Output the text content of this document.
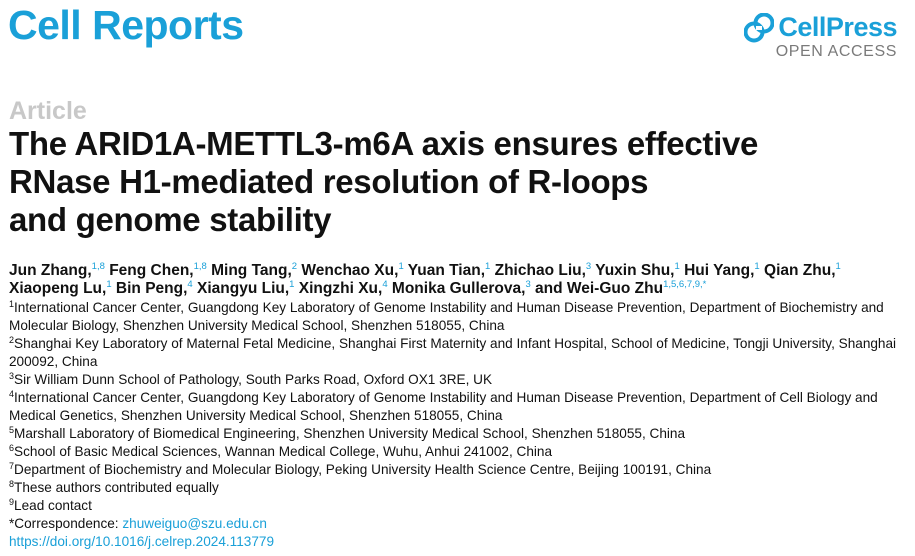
Cell Reports	CellPress
OPEN ACCESS
Article
The ARID1A-METTL3-m6A axis ensures effective
RNase H1-mediated resolution of R-loops
and genome stability
Jun Zhang,$^{1,8}$ Feng Chen,$^{1,8}$ Ming Tang,$^2$ Wenchao Xu,$^1$ Yuan Tian,$^1$ Zhichao Liu,$^3$ Yuxin Shu,$^1$ Hui Yang,$^1$ Qian Zhu,$^1$
Xiaopeng Lu,$^1$ Bin Peng,$^4$ Xiangyu Liu,$^1$ Xingzhi Xu,$^4$ Monika Gullerova,$^3$ and Wei-Guo Zhu$^{1,5,6,7,9,*}$
$^1$International Cancer Center, Guangdong Key Laboratory of Genome Instability and Human Disease Prevention, Department of Biochemistry and Molecular Biology, Shenzhen University Medical School, Shenzhen 518055, China
$^2$Shanghai Key Laboratory of Maternal Fetal Medicine, Shanghai First Maternity and Infant Hospital, School of Medicine, Tongji University, Shanghai 200092, China
$^3$Sir William Dunn School of Pathology, South Parks Road, Oxford OX1 3RE, UK
$^4$International Cancer Center, Guangdong Key Laboratory of Genome Instability and Human Disease Prevention, Department of Cell Biology and Medical Genetics, Shenzhen University Medical School, Shenzhen 518055, China
$^5$Marshall Laboratory of Biomedical Engineering, Shenzhen University Medical School, Shenzhen 518055, China
$^6$School of Basic Medical Sciences, Wannan Medical College, Wuhu, Anhui 241002, China
$^7$Department of Biochemistry and Molecular Biology, Peking University Health Science Centre, Beijing 100191, China
$^8$These authors contributed equally
$^9$Lead contact
*Correspondence: zhuweiguo@szu.edu.cn
https://doi.org/10.1016/j.celrep.2024.113779
